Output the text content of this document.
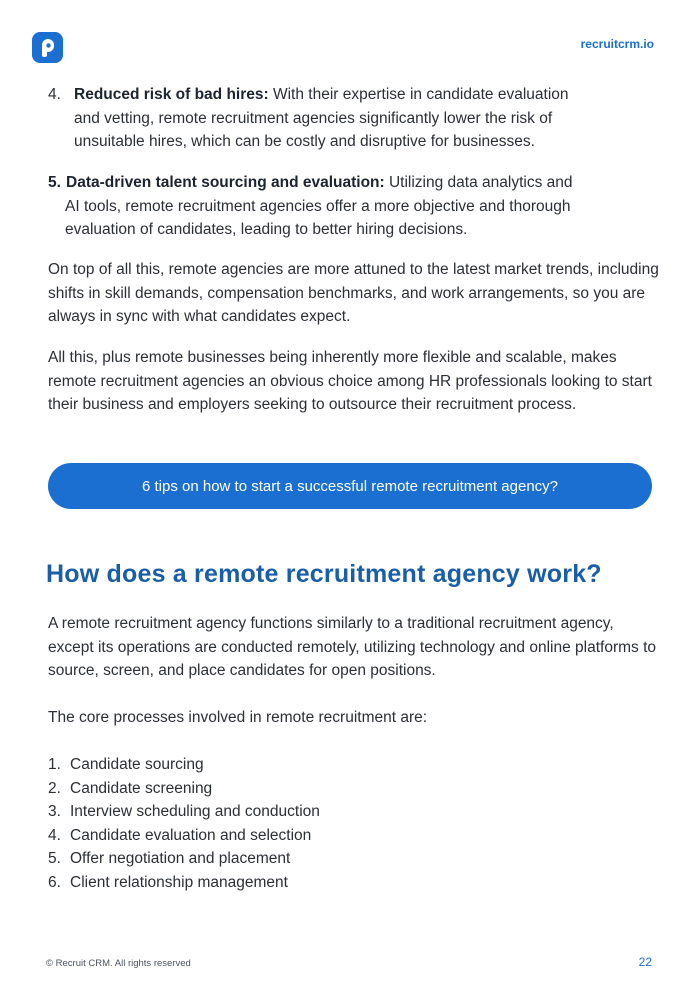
recruitcrm.io
4. Reduced risk of bad hires: With their expertise in candidate evaluation
and vetting, remote recruitment agencies significantly lower the risk of
unsuitable hires, which can be costly and disruptive for businesses.
5. Data-driven talent sourcing and evaluation: Utilizing data analytics and
AI tools, remote recruitment agencies offer a more objective and thorough
evaluation of candidates, leading to better hiring decisions.

On top of all this, remote agencies are more attuned to the latest market trends, including shifts in skill demands, compensation benchmarks, and work arrangements, so you are always in sync with what candidates expect.

All this, plus remote businesses being inherently more flexible and scalable, makes remote recruitment agencies an obvious choice among HR professionals looking to start their business and employers seeking to outsource their recruitment process.

6 tips on how to start a successful remote recruitment agency?
How does a remote recruitment agency work?

A remote recruitment agency functions similarly to a traditional recruitment agency, except its operations are conducted remotely, utilizing technology and online platforms to source, screen, and place candidates for open positions.

The core processes involved in remote recruitment are:

1. Candidate sourcing
2. Candidate screening
3. Interview scheduling and conduction
4. Candidate evaluation and selection
5. Offer negotiation and placement
6. Client relationship management
© Recruit CRM. All rights reserved	22
